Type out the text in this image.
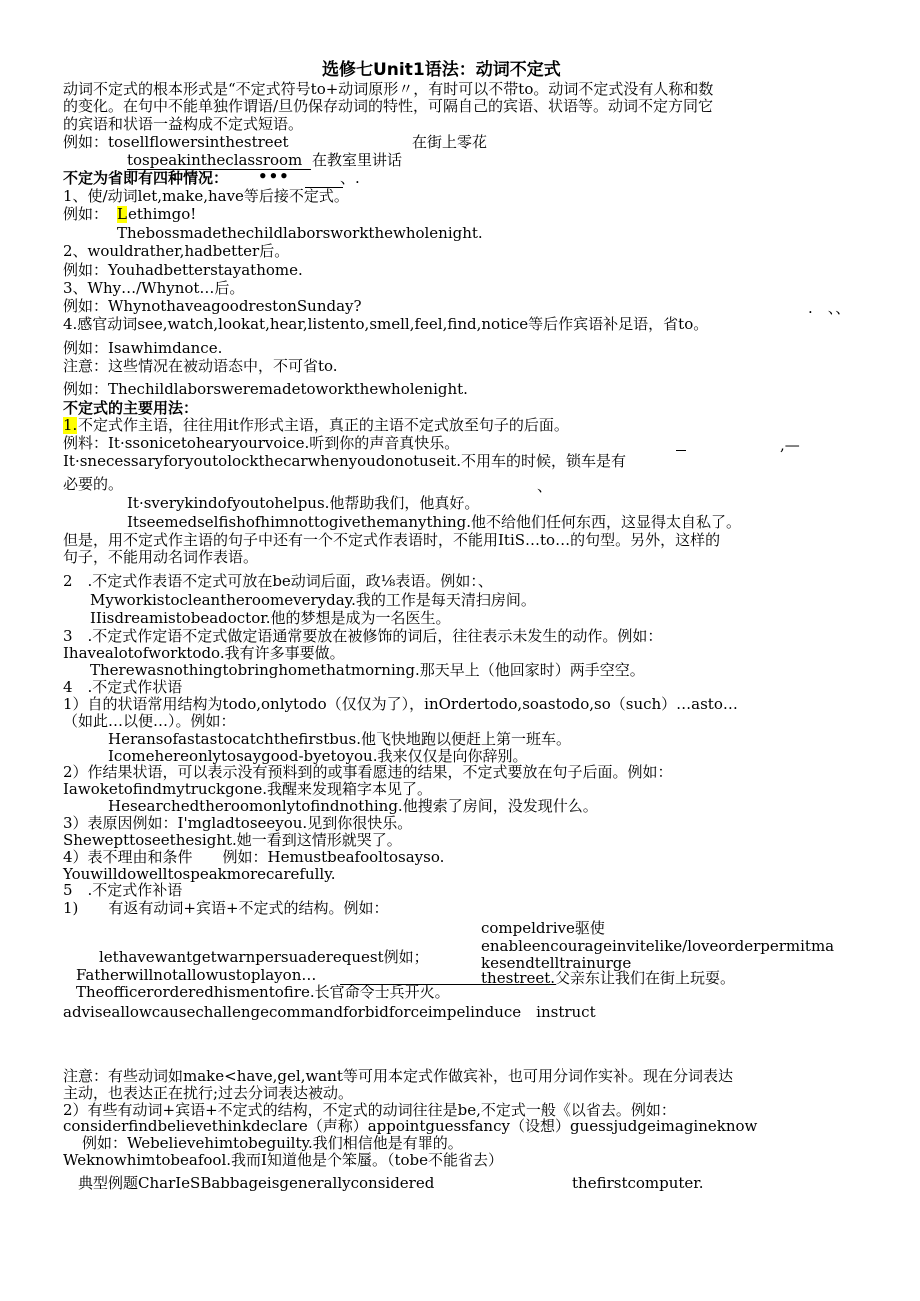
选修七Unit1语法：动词不定式
动词不定式的根本形式是“不定式符号to+动词原形〃，有时可以不带to。动词不定式没有人称和数
的变化。在句中不能单独作谓语/旦仍保存动词的特性，可隔自己的宾语、状语等。动词不定方同它
的宾语和状语一益构成不定式短语。
例如：tosellflowersinthestreet	在街上零花
tospeakintheclassroom 在教室里讲话
不定为省即有四种情况： •••	、.
1、使/动词let,make,have等后接不定式。
例如： L ethimgo!
Thebossmadethechildlaborsworkthewholenight.
2、wouldrather,hadbetter后。
例如：Youhadbetterstayathome.
3、Why…/Whynot…后。
例如：WhynothaveagoodrestonSunday?	.　、、
4.感官动词see,watch,lookat,hear,listento,smell,feel,find,notice等后作宾语补足语，省to。
例如：Isawhimdance.
注意：这些情况在被动语态中，不可省to.
例如：Thechildlaborsweremadetoworkthewholenight.
不定式的主要用法：
1. 不定式作主语，往往用it作形式主语，真正的主语不定式放至句子的后面。
例料：It·ssonicetohearyourvoice.听到你的声音真快乐。	,—
It·snecessaryforyoutolockthecarwhenyoudonotuseit.不用车的时候，锁车是有
必要的。	、
It·sverykindofyoutohelpus.他帮助我们，他真好。
Itseemedselfishofhimnottogivethemanything.他不给他们任何东西，这显得太自私了。
但是，用不定式作主语的句子中还有一个不定式作表语时，不能用ItiS…to…的句型。另外，这样的
句子，不能用动名词作表语。
2　.不定式作表语不定式可放在be动词后面，政⅛表语。例如：、
Myworkistocleantheroomeveryday.我的工作是每天清扫房间。
IIisdreamistobeadoctor.他的梦想是成为一名医生。
3　.不定式作定语不定式做定语通常要放在被修饰的词后，往往表示未发生的动作。例如：
Ihavealotofworktodo.我有许多事要做。
Therewasnothingtobringhomethatmorning.那天早上（他回家时）两手空空。
4　.不定式作状语
1）自的状语常用结构为todo,onlytodo（仅仅为了），inOrdertodo,soastodo,so（such）…asto…
（如此…以便…）。例如：
Heransofastastocatchthefirstbus.他飞快地跑以便赶上第一班车。
Icomehereonlytosaygood-byetoyou.我来仅仅是向你辞别。
2）作结果状语，可以表示没有预料到的或事看愿违的结果，不定式要放在句子后面。例如：
Iawoketofindmytruckgone.我醒来发现箱字本见了。
Hesearchedtheroomonlytofindnothing.他搜索了房间，没发现什么。
3）表原因例如：I'mgladtoseeyou.见到你很快乐。
Shewepttoseethesight.她一看到这情形就哭了。
4）表不理由和条件　　例如：Hemustbeafooltosayso.
Youwilldowelltospeakmorecarefully.
5　.不定式作补语
1)　　有返有动词+宾语+不定式的结构。例如：
compeldrive驱使
enableencourageinvitelike/loveorderpermitma
lethavewantgetwarnpersuaderequest例如；	kesendtelltrainurge
Fatherwillnotallowustoplayon…	thestreet.父亲东让我们在街上玩耍。
Theofficerorderedhismentofire.长官命令士兵开火。
adviseallowcausechallengecommandforbidforceimpelinduce　instruct
注意：有些动词如make<have,gel,want等可用本定式作做宾补，也可用分词作实补。现在分词表达
主动，也表达正在扰行;过去分词表达被动。
2）有些有动词+宾语+不定式的结构，不定式的动词往往是be,不定式一般《以省去。例如：
considerfindbelievethinkdeclare（声称）appointguessfancy（设想）guessjudgeimagineknow
例如：Webelievehimtobeguilty.我们相信他是有罪的。
Weknowhimtobeafool.我而I知道他是个笨蜃。（tobe不能省去）
典型例题CharIeSBabbageisgenerallyconsidered	thefirstcomputer.
